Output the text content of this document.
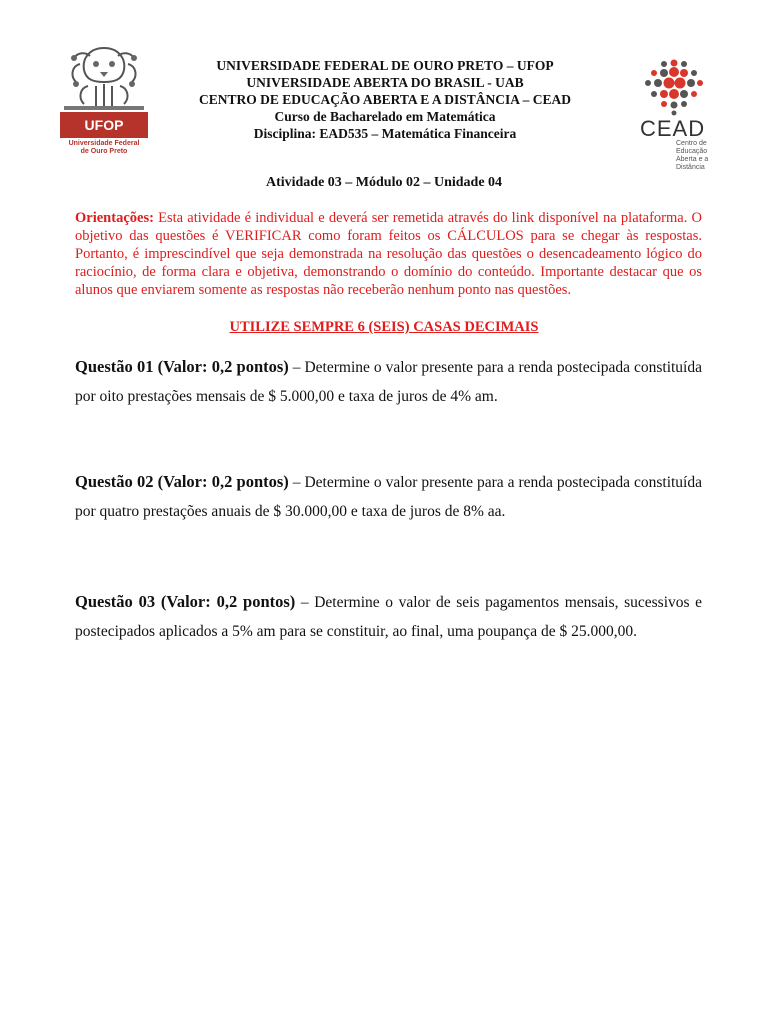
UFOP
Universidade Federal
de Ouro Preto
UNIVERSIDADE FEDERAL DE OURO PRETO – UFOP
UNIVERSIDADE ABERTA DO BRASIL - UAB
CENTRO DE EDUCAÇÃO ABERTA E A DISTÂNCIA – CEAD
Curso de Bacharelado em Matemática
Disciplina: EAD535 – Matemática Financeira	CEAD
Centro de Educação
Aberta e a Distância
Atividade 03 – Módulo 02 – Unidade 04
Orientações: Esta atividade é individual e deverá ser remetida através do link disponível na plataforma. O objetivo das questões é VERIFICAR como foram feitos os CÁLCULOS para se chegar às respostas. Portanto, é imprescindível que seja demonstrada na resolução das questões o desencadeamento lógico do raciocínio, de forma clara e objetiva, demonstrando o domínio do conteúdo. Importante destacar que os alunos que enviarem somente as respostas não receberão nenhum ponto nas questões.
UTILIZE SEMPRE 6 (SEIS) CASAS DECIMAIS
Questão 01 (Valor: 0,2 pontos) – Determine o valor presente para a renda postecipada constituída por oito prestações mensais de $ 5.000,00 e taxa de juros de 4% am.
Questão 02 (Valor: 0,2 pontos) – Determine o valor presente para a renda postecipada constituída por quatro prestações anuais de $ 30.000,00 e taxa de juros de 8% aa.
Questão 03 (Valor: 0,2 pontos) – Determine o valor de seis pagamentos mensais, sucessivos e postecipados aplicados a 5% am para se constituir, ao final, uma poupança de $ 25.000,00.
